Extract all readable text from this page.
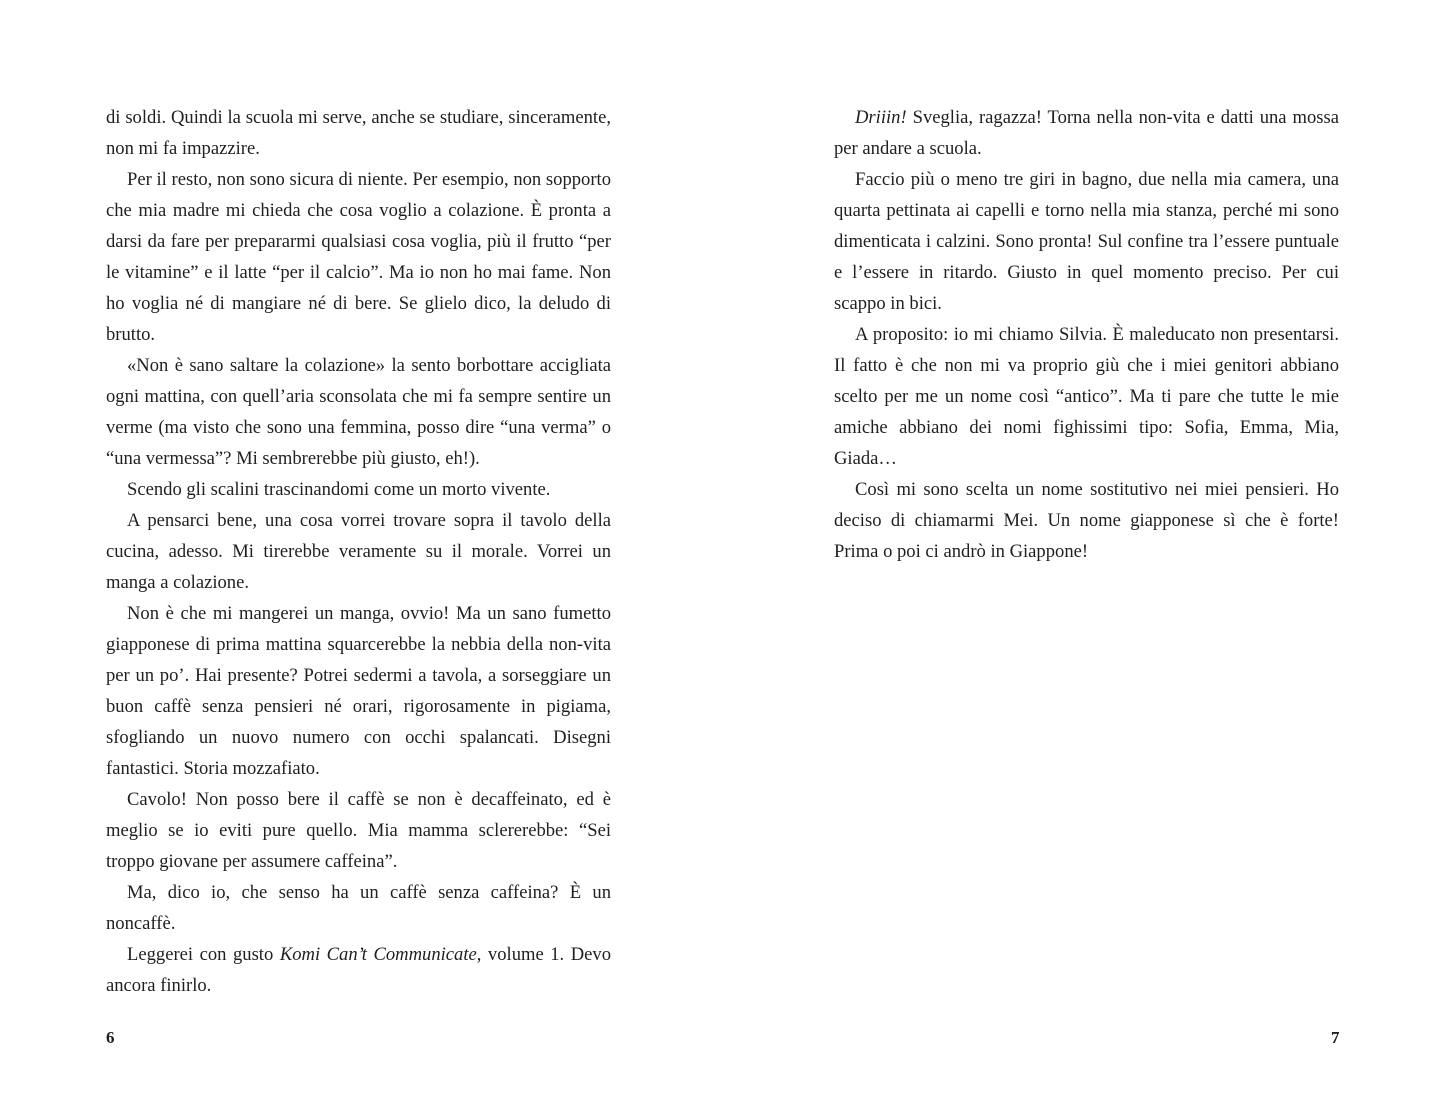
di soldi. Quindi la scuola mi serve, anche se studiare, sinceramente, non mi fa impazzire.

Per il resto, non sono sicura di niente. Per esempio, non sopporto che mia madre mi chieda che cosa voglio a colazione. È pronta a darsi da fare per prepararmi qualsiasi cosa voglia, più il frutto “per le vitamine” e il latte “per il calcio”. Ma io non ho mai fame. Non ho voglia né di mangiare né di bere. Se glielo dico, la deludo di brutto.

«Non è sano saltare la colazione» la sento borbottare accigliata ogni mattina, con quell’aria sconsolata che mi fa sempre sentire un verme (ma visto che sono una femmina, posso dire “una verma” o “una vermessa”? Mi sembrerebbe più giusto, eh!).

Scendo gli scalini trascinandomi come un morto vivente.

A pensarci bene, una cosa vorrei trovare sopra il tavolo della cucina, adesso. Mi tirerebbe veramente su il morale. Vorrei un manga a colazione.

Non è che mi mangerei un manga, ovvio! Ma un sano fumetto giapponese di prima mattina squarcerebbe la nebbia della non-vita per un po’. Hai presente? Potrei sedermi a tavola, a sorseggiare un buon caffè senza pensieri né orari, rigorosamente in pigiama, sfogliando un nuovo numero con occhi spalancati. Disegni fantastici. Storia mozzafiato.

Cavolo! Non posso bere il caffè se non è decaffeinato, ed è meglio se io eviti pure quello. Mia mamma sclererebbe: “Sei troppo giovane per assumere caffeina”.

Ma, dico io, che senso ha un caffè senza caffeina? È un noncaffè.

Leggerei con gusto Komi Can’t Communicate, volume 1. Devo ancora finirlo.

6

Driiin! Sveglia, ragazza! Torna nella non-vita e datti una mossa per andare a scuola.

Faccio più o meno tre giri in bagno, due nella mia camera, una quarta pettinata ai capelli e torno nella mia stanza, perché mi sono dimenticata i calzini. Sono pronta! Sul confine tra l’essere puntuale e l’essere in ritardo. Giusto in quel momento preciso. Per cui scappo in bici.

A proposito: io mi chiamo Silvia. È maleducato non presentarsi. Il fatto è che non mi va proprio giù che i miei genitori abbiano scelto per me un nome così “antico”. Ma ti pare che tutte le mie amiche abbiano dei nomi fighissimi tipo: Sofia, Emma, Mia, Giada…

Così mi sono scelta un nome sostitutivo nei miei pensieri. Ho deciso di chiamarmi Mei. Un nome giapponese sì che è forte! Prima o poi ci andrò in Giappone!

7
